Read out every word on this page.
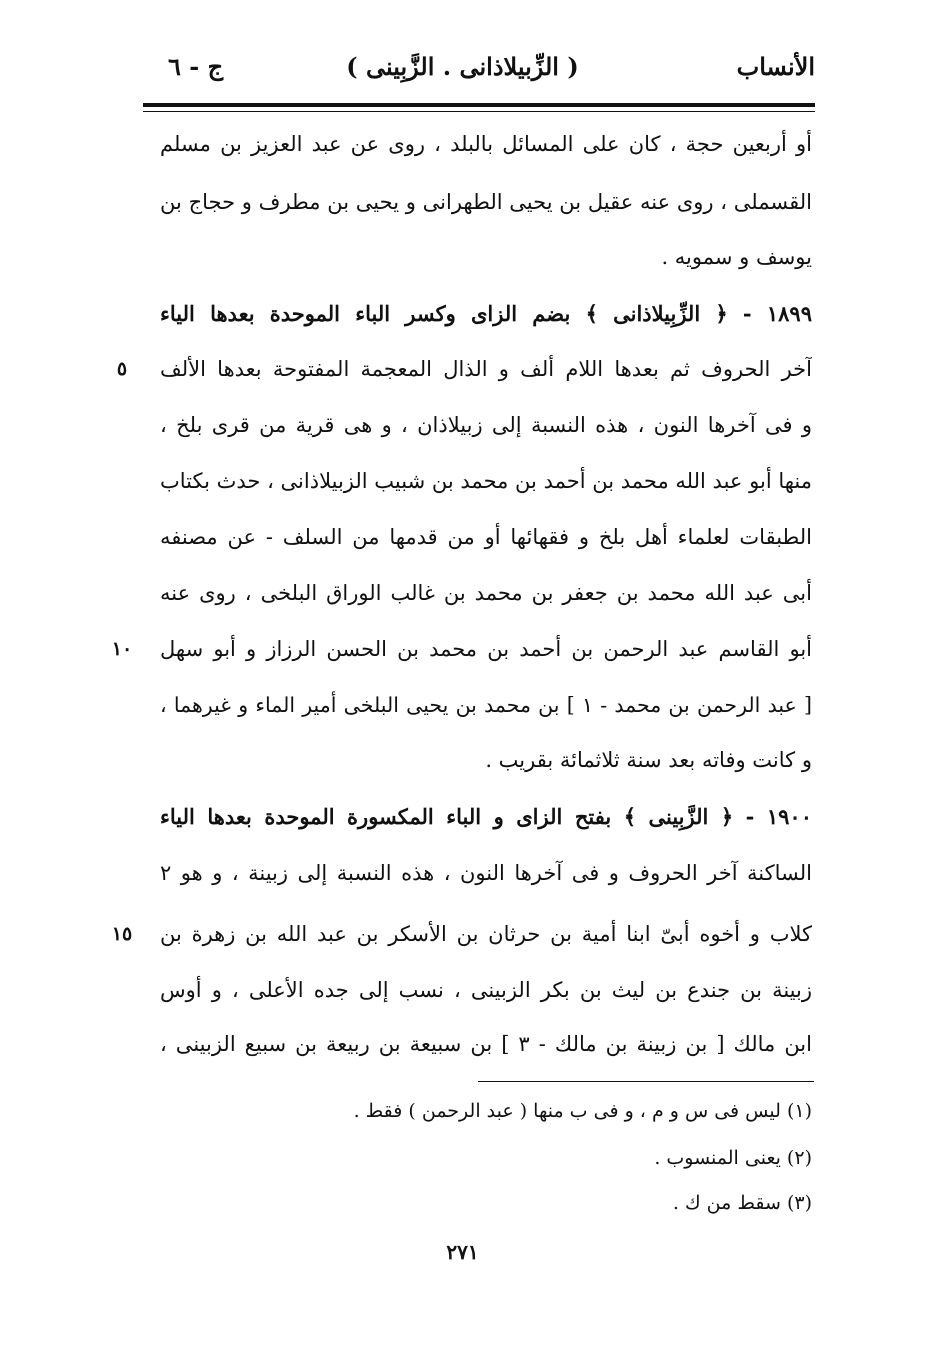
الأنساب
( الزِّبيلاذانى . الزَّبِينى )
ج - ٦
أو أربعين حجة ، كان على المسائل بالبلد ، روى عن عبد العزيز بن مسلم
القسملى ، روى عنه عقيل بن يحيى الطهرانى و يحيى بن مطرف و حجاج بن
يوسف و سمويه .
١٨٩٩ - ﴿ الزِّبِيلاذانى ﴾ بضم الزاى وكسر الباء الموحدة بعدها الياء
آخر الحروف ثم بعدها اللام ألف و الذال المعجمة المفتوحة بعدها الألف
و فى آخرها النون ، هذه النسبة إلى زبيلاذان ، و هى قرية من قرى بلخ ،
منها أبو عبد الله محمد بن أحمد بن محمد بن شبيب الزبيلاذانى ، حدث بكتاب
الطبقات لعلماء أهل بلخ و فقهائها أو من قدمها من السلف - عن مصنفه
أبى عبد الله محمد بن جعفر بن محمد بن غالب الوراق البلخى ، روى عنه
أبو القاسم عبد الرحمن بن أحمد بن محمد بن الحسن الرزاز و أبو سهل
[ عبد الرحمن بن محمد - ١ ] بن محمد بن يحيى البلخى أمير الماء و غيرهما ،
و كانت وفاته بعد سنة ثلاثمائة بقريب .
١٩٠٠ - ﴿ الزَّبِينى ﴾ بفتح الزاى و الباء المكسورة الموحدة بعدها الياء
الساكنة آخر الحروف و فى آخرها النون ، هذه النسبة إلى زبينة ، و هو ٢
كلاب و أخوه أبىّ ابنا أمية بن حرثان بن الأسكر بن عبد الله بن زهرة بن
زبينة بن جندع بن ليث بن بكر الزبينى ، نسب إلى جده الأعلى ، و أوس
ابن مالك [ بن زبينة بن مالك - ٣ ] بن سبيعة بن ربيعة بن سبيع الزبينى ،
٥
١٠
١٥
(١) ليس فى س و م ، و فى ب منها ( عبد الرحمن ) فقط .
(٢) يعنى المنسوب .
(٣) سقط من ك .
٢٧١
